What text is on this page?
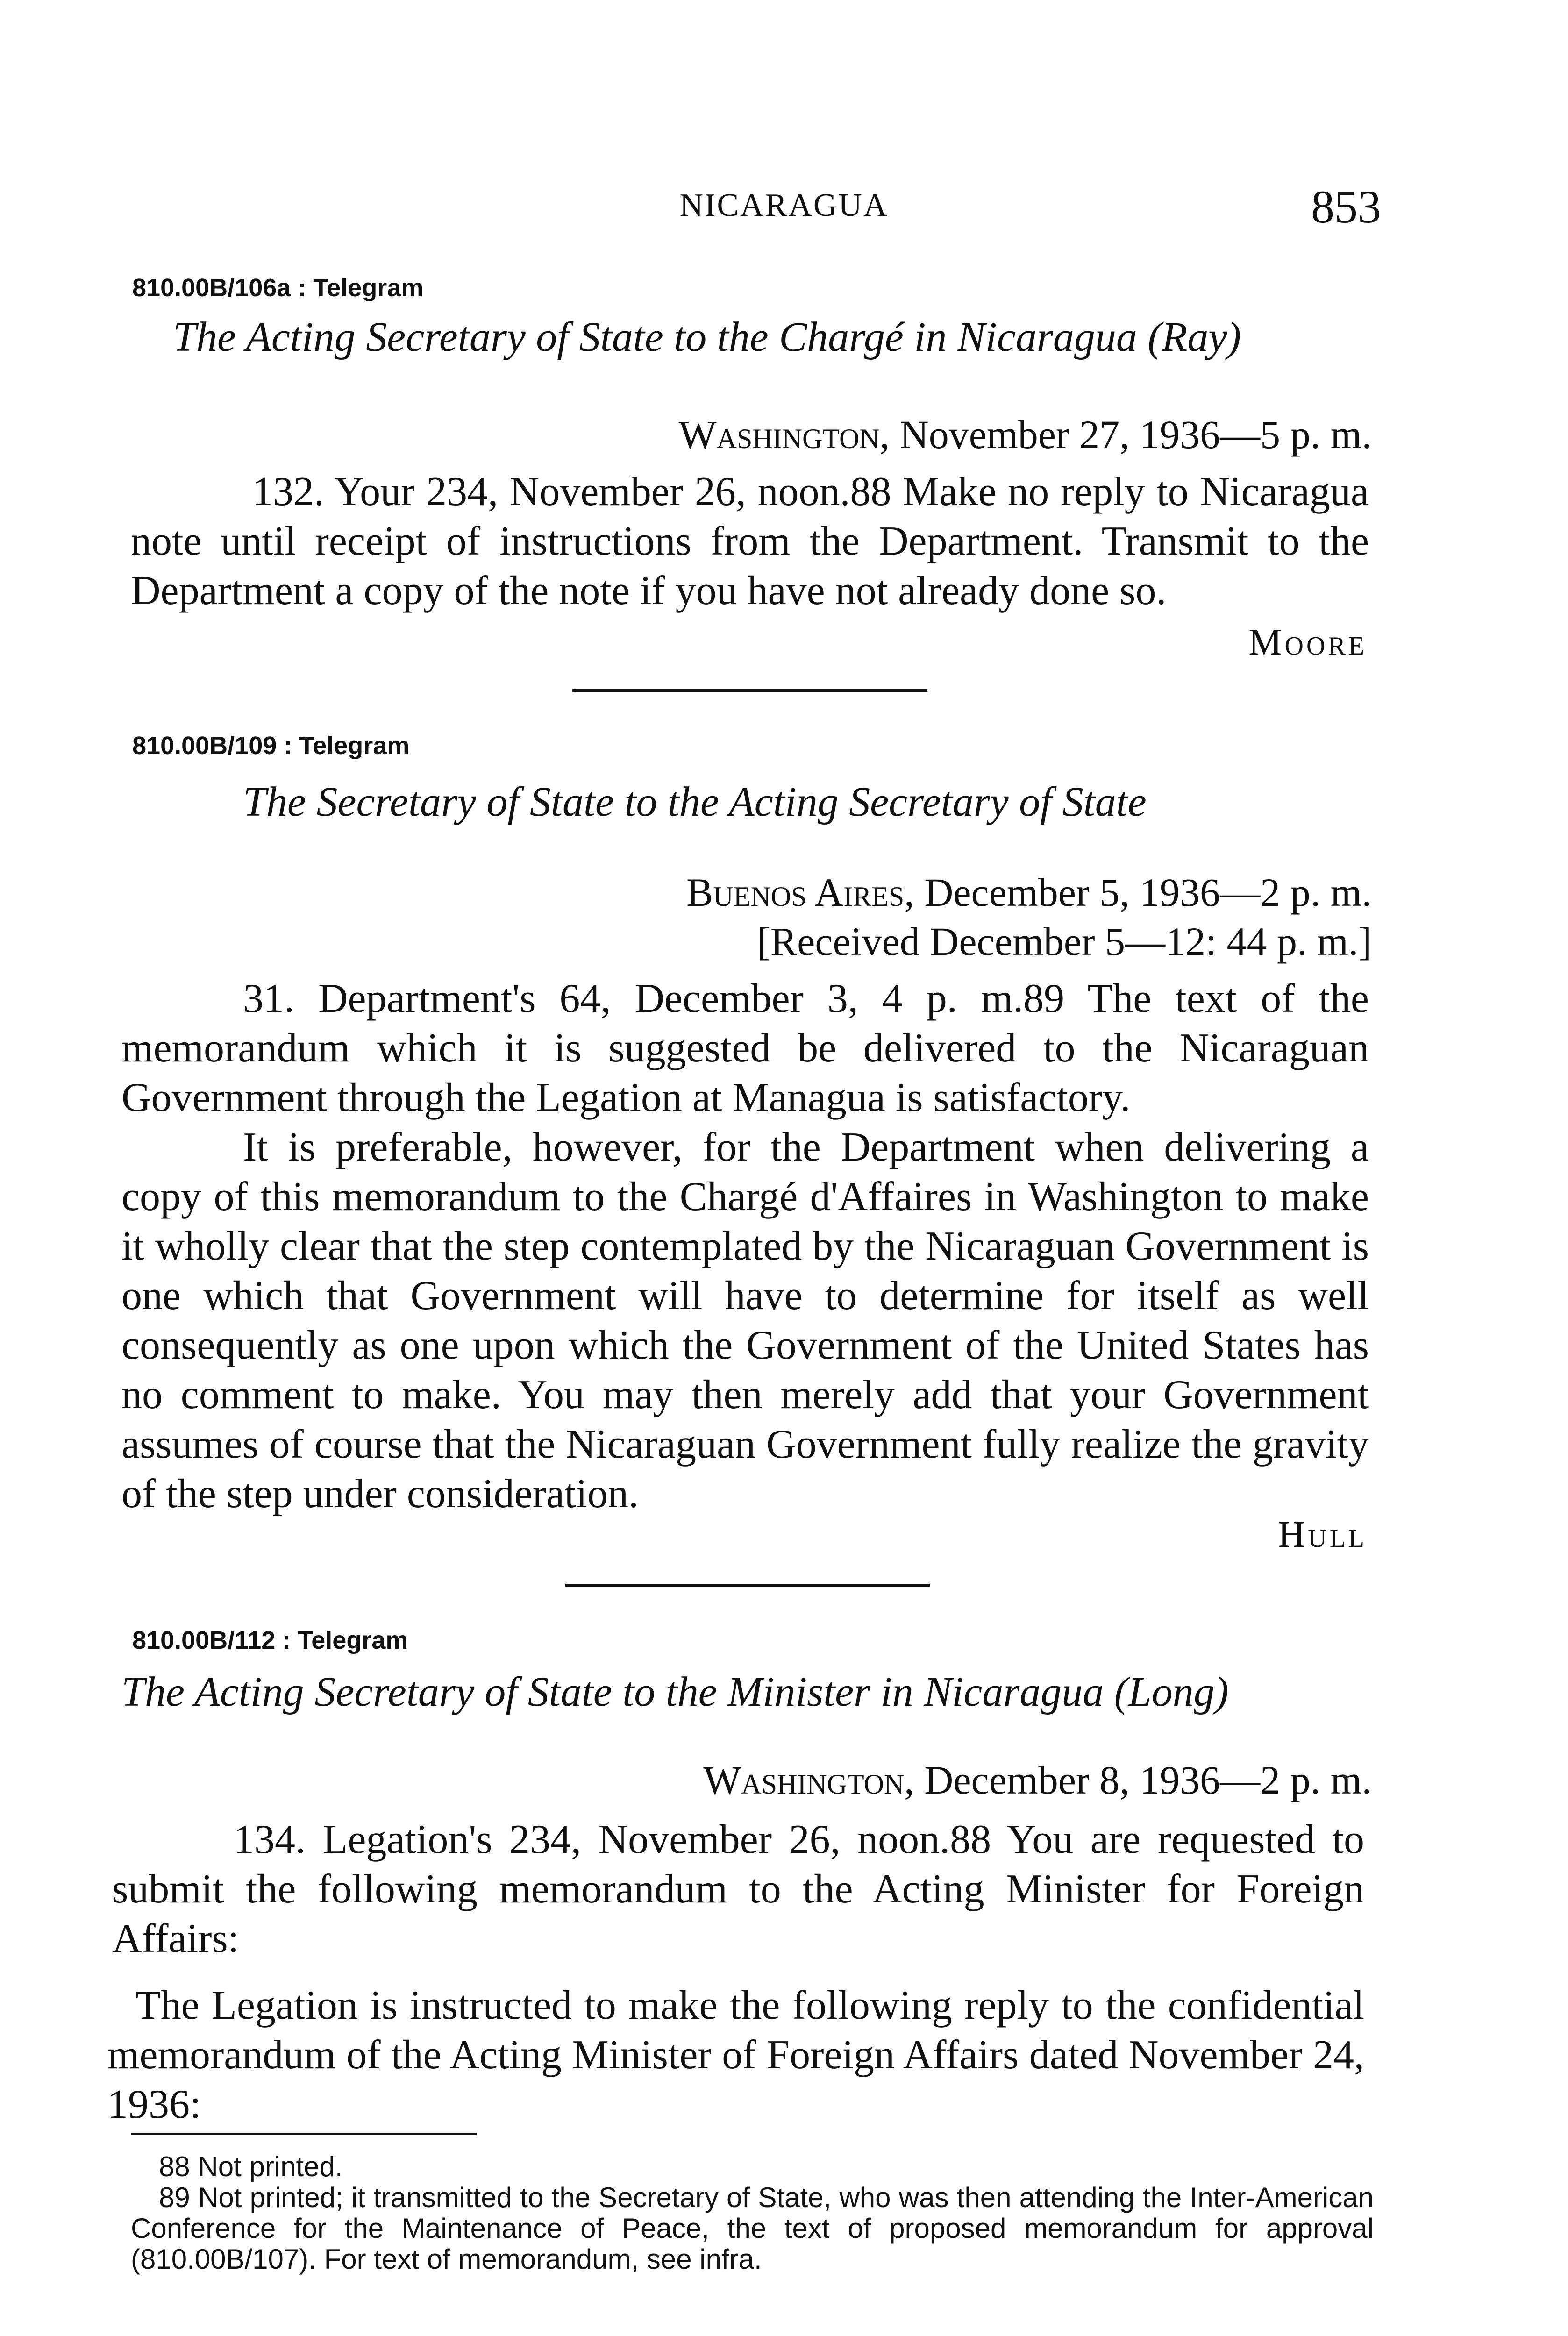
NICARAGUA	853
810.00B/106a : Telegram
The Acting Secretary of State to the Chargé in Nicaragua (Ray)
Washington, November 27, 1936—5 p. m.

132. Your 234, November 26, noon.88 Make no reply to Nicaragua note until receipt of instructions from the Department. Transmit to the Department a copy of the note if you have not already done so.

Moore
810.00B/109 : Telegram
The Secretary of State to the Acting Secretary of State
Buenos Aires, December 5, 1936—2 p. m.
[Received December 5—12: 44 p. m.]

31. Department's 64, December 3, 4 p. m.89 The text of the memorandum which it is suggested be delivered to the Nicaraguan Government through the Legation at Managua is satisfactory.

It is preferable, however, for the Department when delivering a copy of this memorandum to the Chargé d'Affaires in Washington to make it wholly clear that the step contemplated by the Nicaraguan Government is one which that Government will have to determine for itself as well consequently as one upon which the Government of the United States has no comment to make. You may then merely add that your Government assumes of course that the Nicaraguan Government fully realize the gravity of the step under consideration.

Hull
810.00B/112 : Telegram
The Acting Secretary of State to the Minister in Nicaragua (Long)
Washington, December 8, 1936—2 p. m.

134. Legation's 234, November 26, noon.88 You are requested to submit the following memorandum to the Acting Minister for Foreign Affairs:

The Legation is instructed to make the following reply to the confidential memorandum of the Acting Minister of Foreign Affairs dated November 24, 1936:

88 Not printed.

89 Not printed; it transmitted to the Secretary of State, who was then attending the Inter-American Conference for the Maintenance of Peace, the text of proposed memorandum for approval (810.00B/107). For text of memorandum, see infra.
